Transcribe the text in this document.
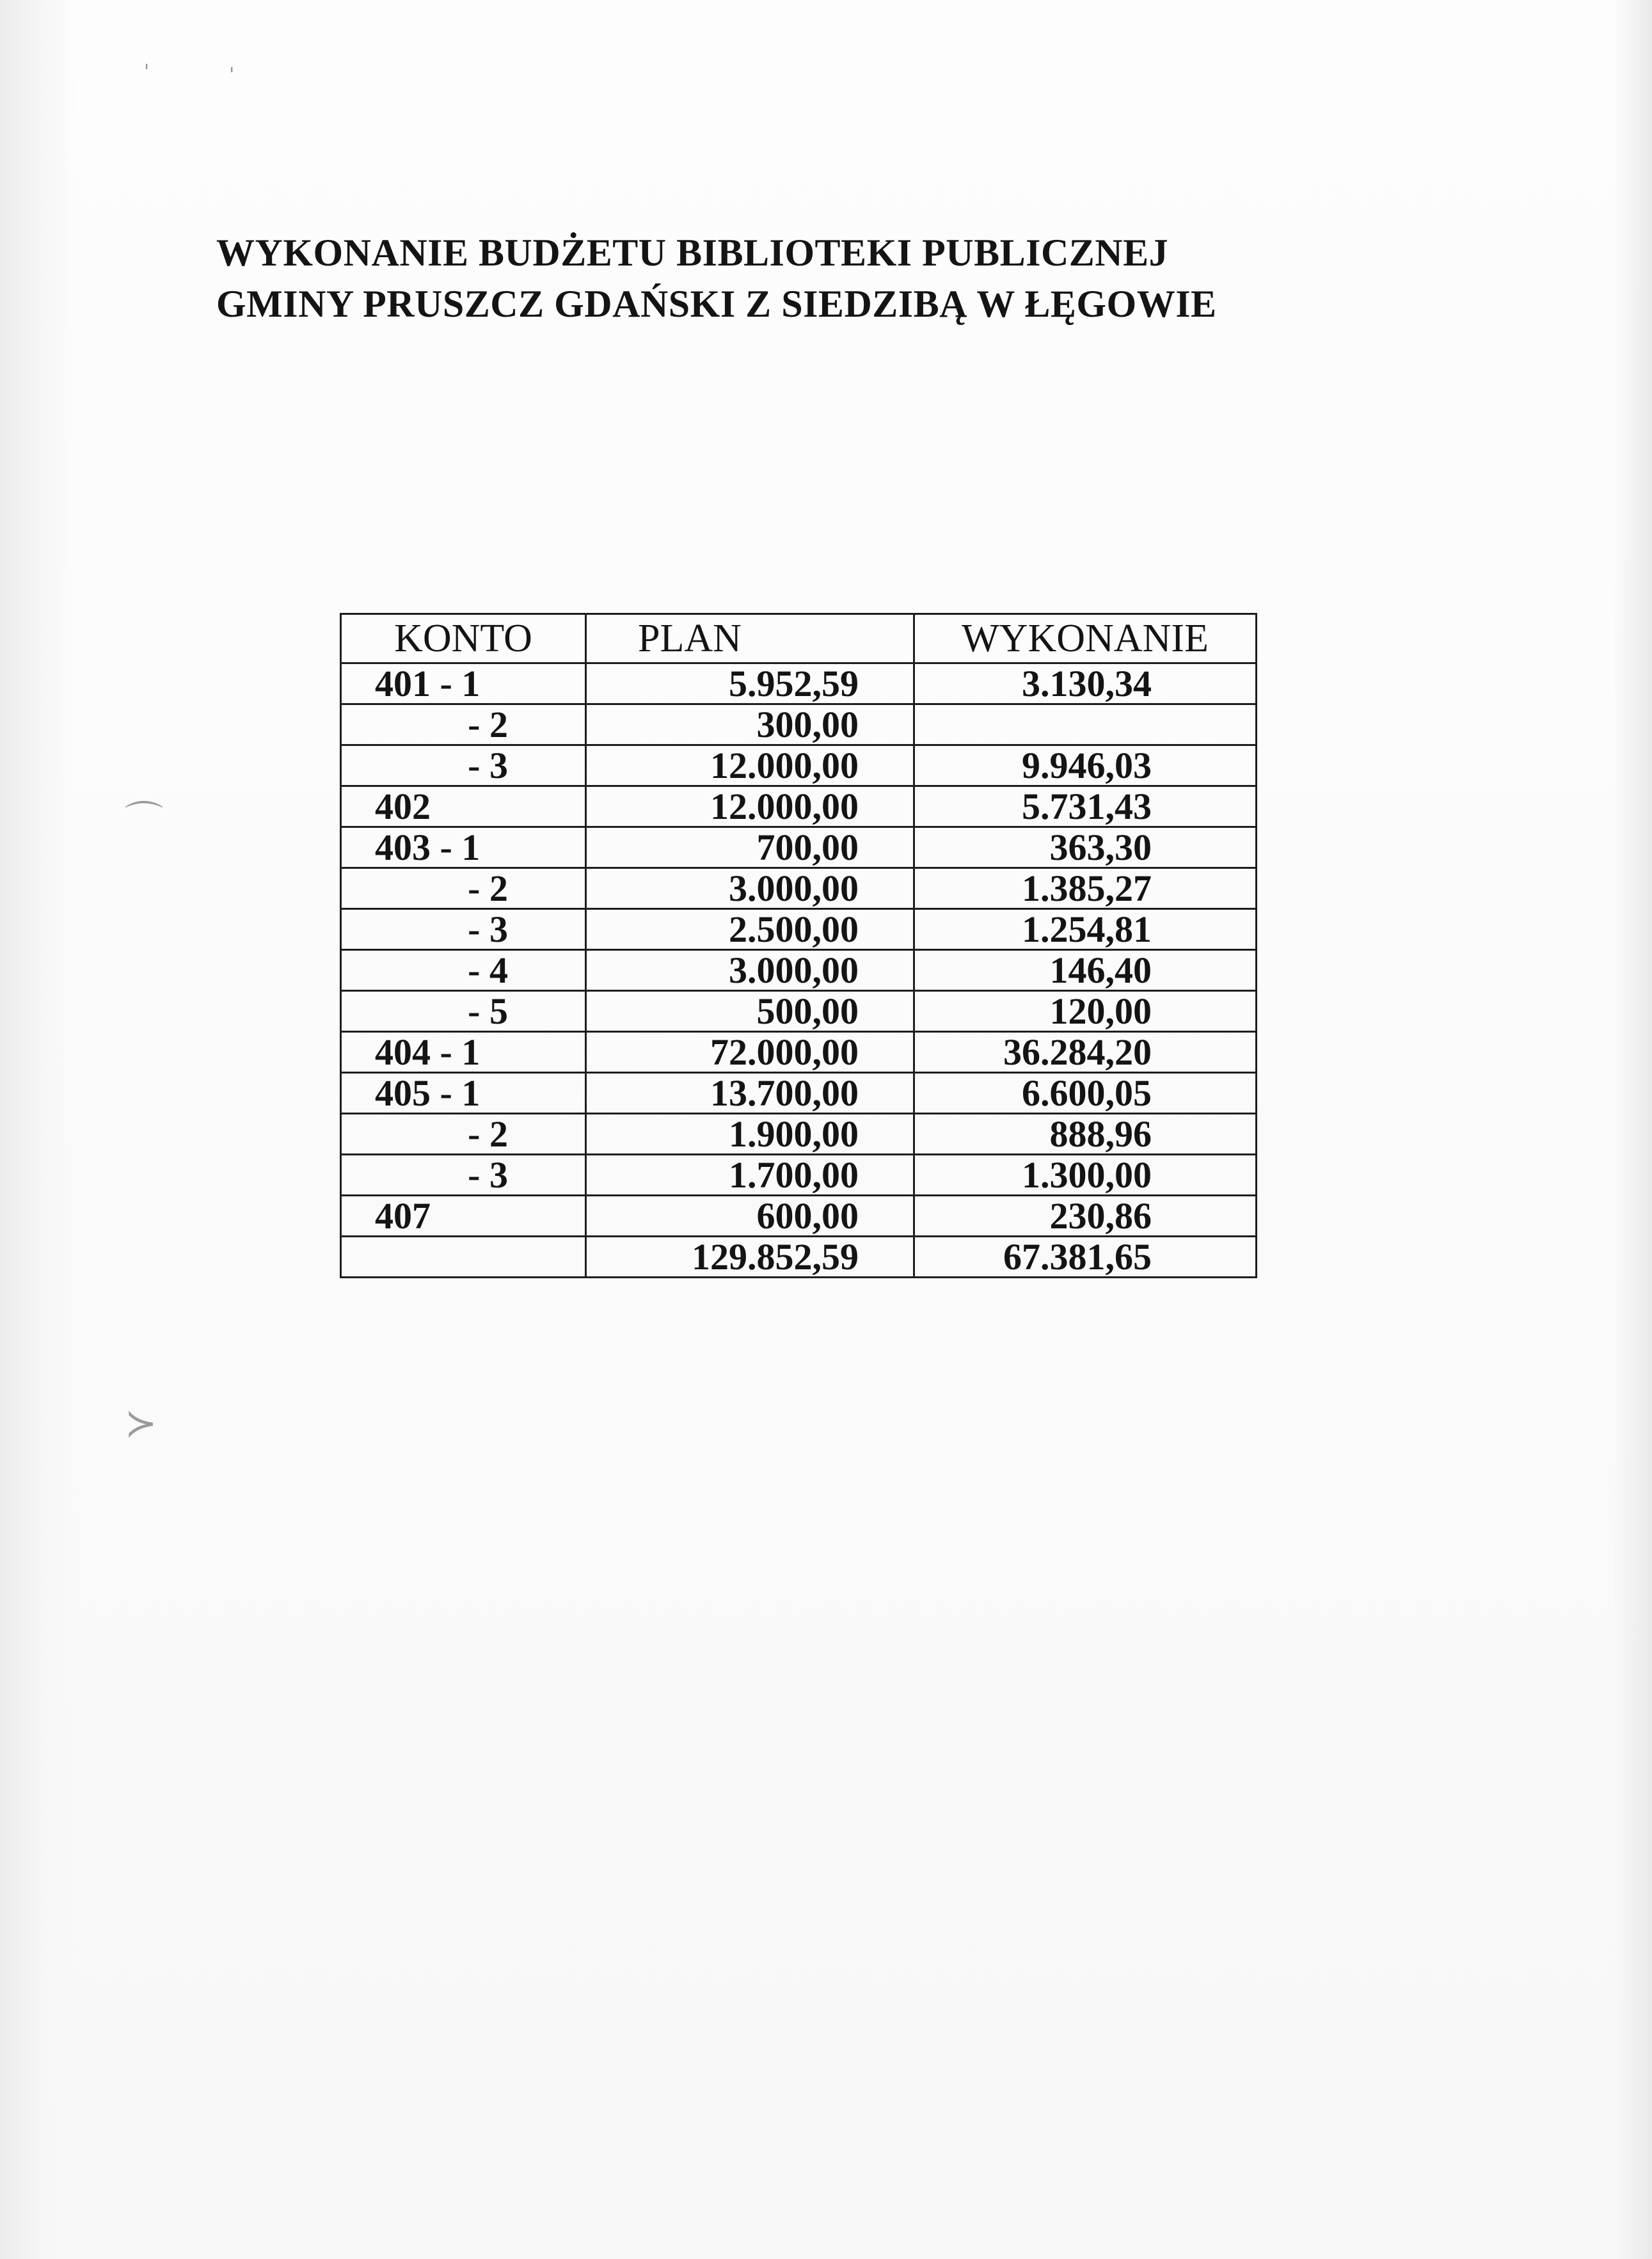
'	'
⌒
≻
WYKONANIE BUDŻETU BIBLIOTEKI PUBLICZNEJ
GMINY PRUSZCZ GDAŃSKI Z SIEDZIBĄ W ŁĘGOWIE
KONTO	PLAN	WYKONANIE
401 - 1	5.952,59	3.130,34
- 2	300,00	
- 3	12.000,00	9.946,03
402	12.000,00	5.731,43
403 - 1	700,00	363,30
- 2	3.000,00	1.385,27
- 3	2.500,00	1.254,81
- 4	3.000,00	146,40
- 5	500,00	120,00
404 - 1	72.000,00	36.284,20
405 - 1	13.700,00	6.600,05
- 2	1.900,00	888,96
- 3	1.700,00	1.300,00
407	600,00	230,86
	129.852,59	67.381,65
